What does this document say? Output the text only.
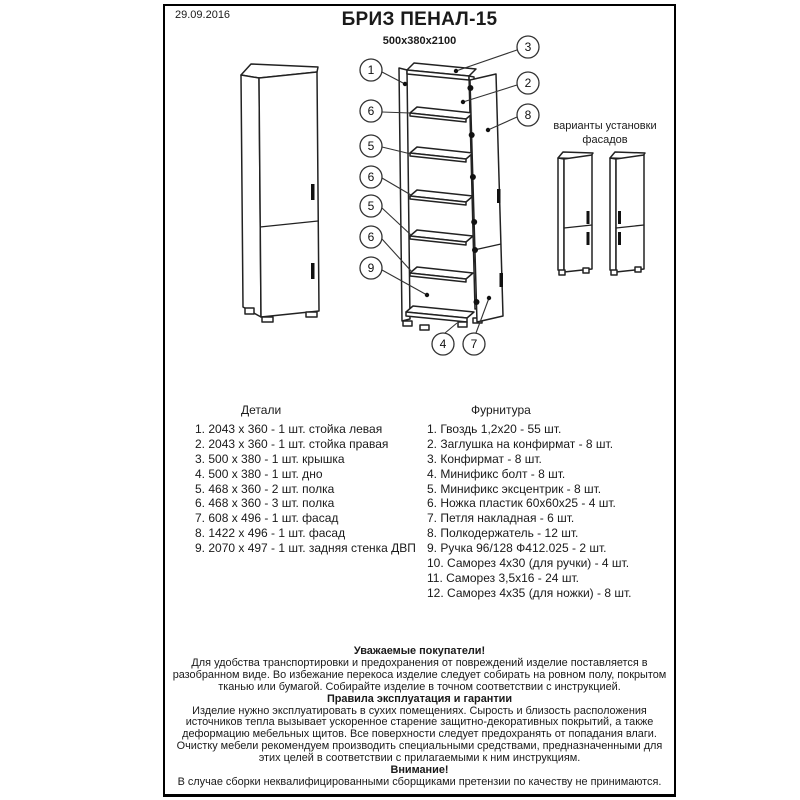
29.09.2016	БРИЗ ПЕНАЛ-15
500х380х2100
1
6
5
6
5
6
9
3
2
8
4 7
варианты установки
фасадов
Детали
1. 2043 х 360 - 1 шт. стойка левая
2. 2043 х 360 - 1 шт. стойка правая
3. 500 х 380 - 1 шт. крышка
4. 500 х 380 - 1 шт. дно
5. 468 х 360 - 2 шт. полка
6. 468 х 360 - 3 шт. полка
7. 608 х 496 - 1 шт. фасад
8. 1422 х 496 - 1 шт. фасад
9. 2070 х 497 - 1 шт. задняя стенка ДВП
Фурнитура
1. Гвоздь 1,2х20 - 55 шт.
2. Заглушка на конфирмат - 8 шт.
3. Конфирмат - 8 шт.
4. Минификс болт - 8 шт.
5. Минификс эксцентрик - 8 шт.
6. Ножка пластик 60х60х25 - 4 шт.
7. Петля накладная - 6 шт.
8. Полкодержатель - 12 шт.
9. Ручка 96/128 Ф412.025 - 2 шт.
10. Саморез 4х30 (для ручки) - 4 шт.
11. Саморез 3,5х16 - 24 шт.
12. Саморез 4х35 (для ножки) - 8 шт.
Уважаемые покупатели!
Для удобства транспортировки и предохранения от повреждений изделие поставляется в разобранном виде. Во избежание перекоса изделие следует собирать на ровном полу, покрытом тканью или бумагой. Собирайте изделие в точном соответствии с инструкцией.
Правила эксплуатация и гарантии
Изделие нужно эксплуатировать в сухих помещениях. Сырость и близость расположения источников тепла вызывает ускоренное старение защитно-декоративных покрытий, а также деформацию мебельных щитов. Все поверхности следует предохранять от попадания влаги. Очистку мебели рекомендуем производить специальными средствами, предназначенными для этих целей в соответствии с прилагаемыми к ним инструкциям.
Внимание!
В случае сборки неквалифицированными сборщиками претензии по качеству не принимаются.
